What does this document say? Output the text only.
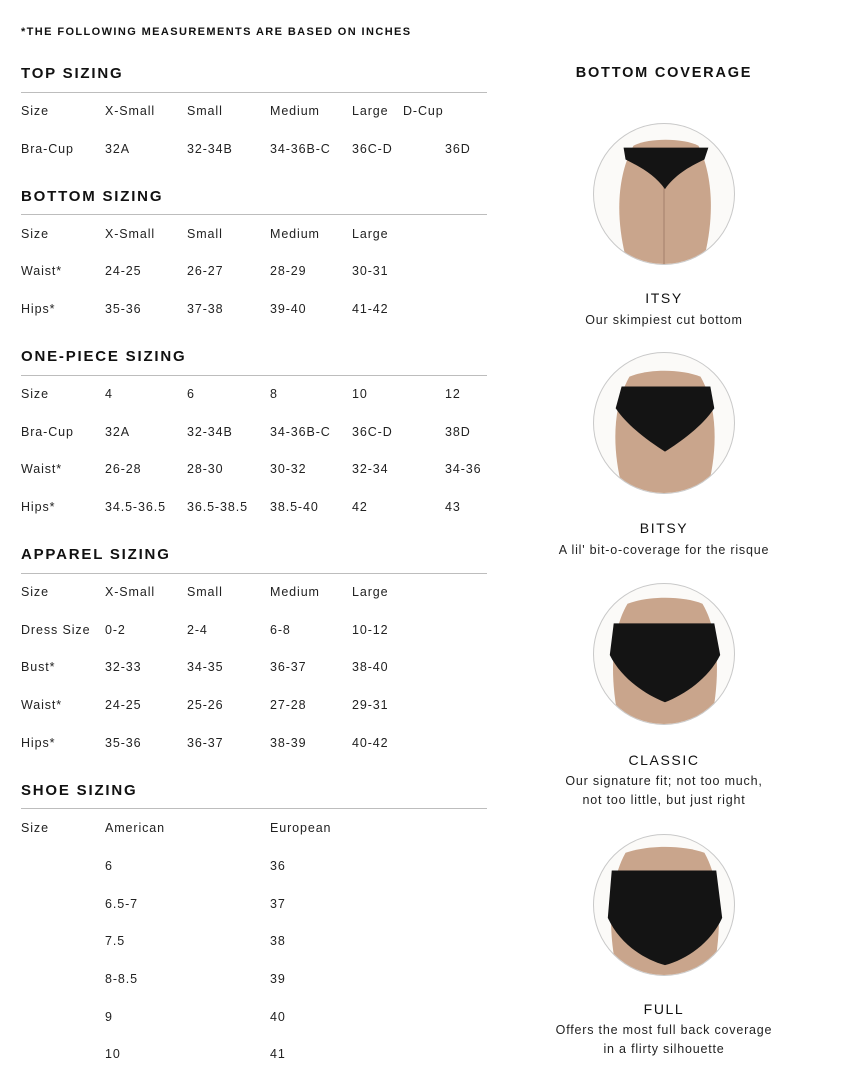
*THE FOLLOWING MEASUREMENTS ARE BASED ON INCHES
TOP SIZING
Size	X-Small	Small	Medium	Large D-Cup
Bra-Cup 32A	32-34B	34-36B-C 36C-D	36D
BOTTOM SIZING
Size	X-Small	Small	Medium	Large
Waist*	24-25	26-27	28-29	30-31
Hips*	35-36	37-38	39-40	41-42
ONE-PIECE SIZING
Size	4	6	8	10	12
Bra-Cup 32A	32-34B	34-36B-C 36C-D	38D
Waist*	26-28	28-30	30-32	32-34	34-36
Hips*	34.5-36.5 36.5-38.5 38.5-40	42	43
APPAREL SIZING
Size	X-Small	Small	Medium	Large
Dress Size 0-2	2-4	6-8	10-12
Bust*	32-33	34-35	36-37	38-40
Waist*	24-25	25-26	27-28	29-31
Hips*	35-36	36-37	38-39	40-42
SHOE SIZING
Size	American	European
6	36
6.5-7	37
7.5	38
8-8.5	39
9	40
10	41
BOTTOM COVERAGE
ITSY
Our skimpiest cut bottom
BITSY
A lil' bit-o-coverage for the risque
CLASSIC
Our signature fit; not too much,
not too little, but just right
FULL
Offers the most full back coverage
in a flirty silhouette
